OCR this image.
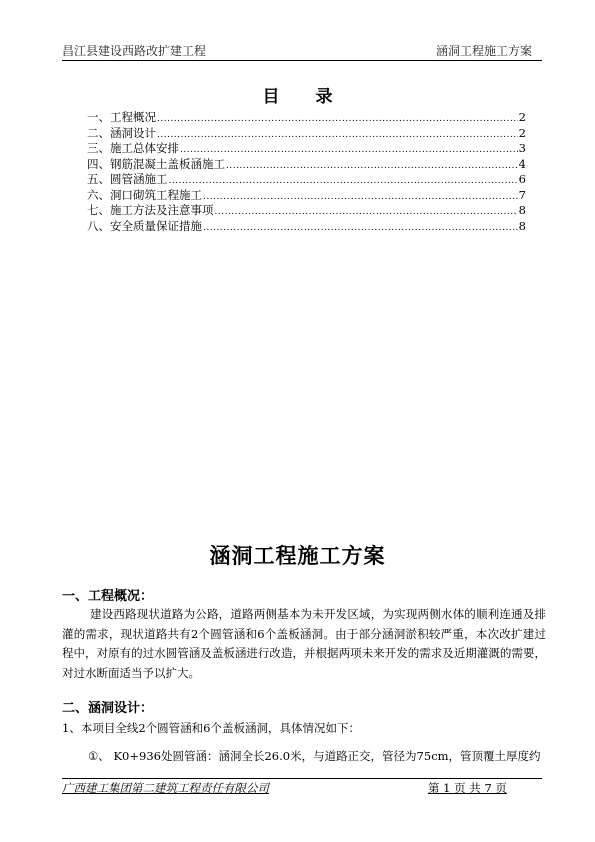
昌江县建设西路改扩建工程	涵洞工程施工方案
目录
一、工程概况 .....	2
二、涵洞设计 .....	2
三、施工总体安排 .....	3
四、钢筋混凝土盖板涵施工 .....	4
五、圆管涵施工 .....	6
六、洞口砌筑工程施工 .....	7
七、施工方法及注意事项 .....	8
八、安全质量保证措施 .....	8
涵洞工程施工方案
一、工程概况：
建设西路现状道路为公路，道路两侧基本为未开发区域，为实现两侧水体的顺利连通及排灌的需求，现状道路共有2个圆管涵和6个盖板涵洞。由于部分涵洞淤积较严重，本次改扩建过程中，对原有的过水圆管涵及盖板涵进行改造，并根据两项未来开发的需求及近期灌溉的需要，对过水断面适当予以扩大。
二、涵洞设计：
1、本项目全线2个圆管涵和6个盖板涵洞，具体情况如下：
①、 K0+936处圆管涵：涵洞全长26.0米，与道路正交，管径为75cm，管顶覆土厚度约
广西建工集团第二建筑工程责任有限公司	第 1 页 共 7 页
